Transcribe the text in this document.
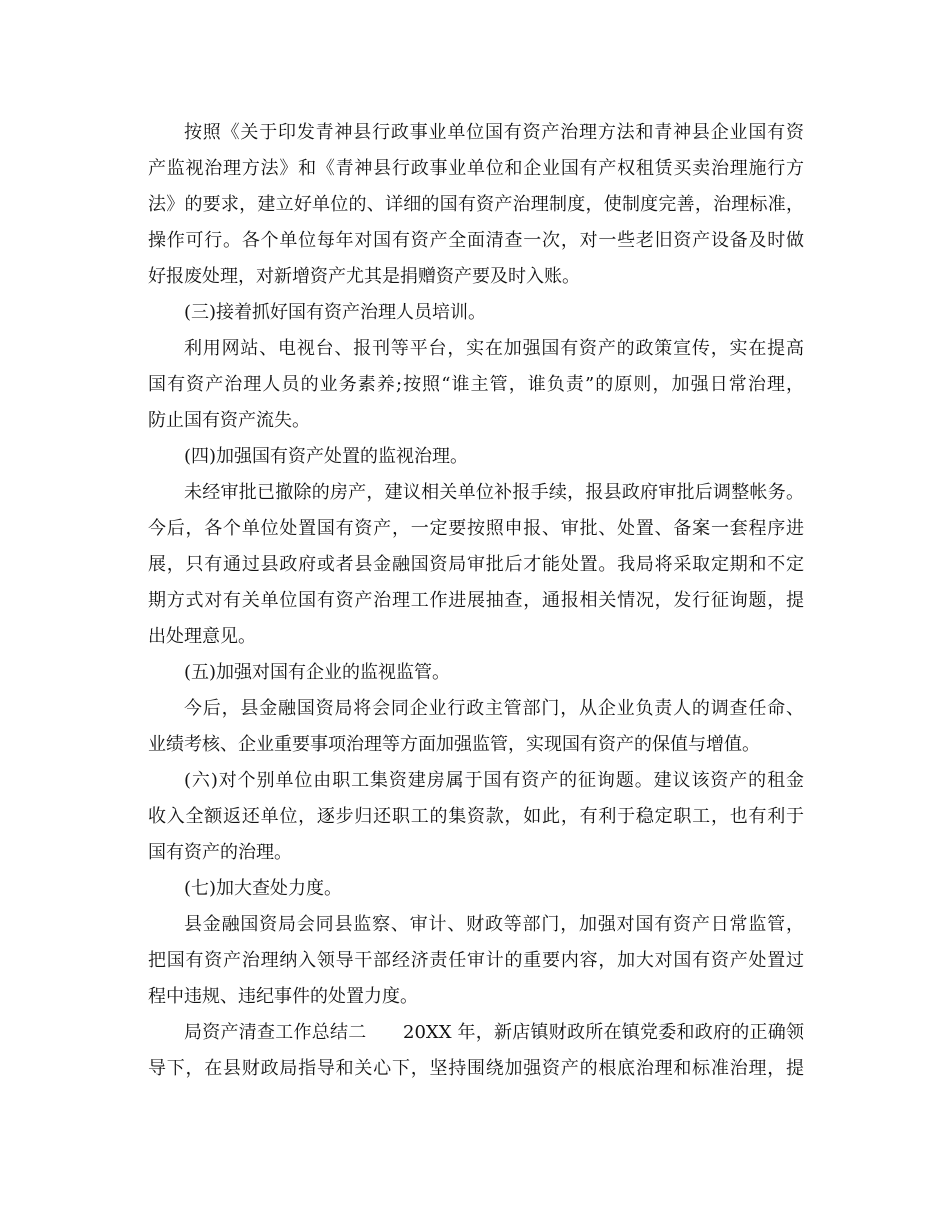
按照《关于印发青神县行政事业单位国有资产治理方法和青神县企业国有资
产监视治理方法》和《青神县行政事业单位和企业国有产权租赁买卖治理施行方
法》的要求，建立好单位的、详细的国有资产治理制度，使制度完善，治理标准，
操作可行。各个单位每年对国有资产全面清查一次，对一些老旧资产设备及时做
好报废处理，对新增资产尤其是捐赠资产要及时入账。
(三)接着抓好国有资产治理人员培训。
利用网站、电视台、报刊等平台，实在加强国有资产的政策宣传，实在提高
国有资产治理人员的业务素养;按照“谁主管，谁负责”的原则，加强日常治理，
防止国有资产流失。
(四)加强国有资产处置的监视治理。
未经审批已撤除的房产，建议相关单位补报手续，报县政府审批后调整帐务。
今后，各个单位处置国有资产，一定要按照申报、审批、处置、备案一套程序进
展，只有通过县政府或者县金融国资局审批后才能处置。我局将采取定期和不定
期方式对有关单位国有资产治理工作进展抽查，通报相关情况，发行征询题，提
出处理意见。
(五)加强对国有企业的监视监管。
今后，县金融国资局将会同企业行政主管部门，从企业负责人的调查任命、
业绩考核、企业重要事项治理等方面加强监管，实现国有资产的保值与增值。
(六)对个别单位由职工集资建房属于国有资产的征询题。建议该资产的租金
收入全额返还单位，逐步归还职工的集资款，如此，有利于稳定职工，也有利于
国有资产的治理。
(七)加大查处力度。
县金融国资局会同县监察、审计、财政等部门，加强对国有资产日常监管，
把国有资产治理纳入领导干部经济责任审计的重要内容，加大对国有资产处置过
程中违规、违纪事件的处置力度。
局资产清查工作总结二　　20XX 年，新店镇财政所在镇党委和政府的正确领
导下，在县财政局指导和关心下，坚持围绕加强资产的根底治理和标准治理，提
